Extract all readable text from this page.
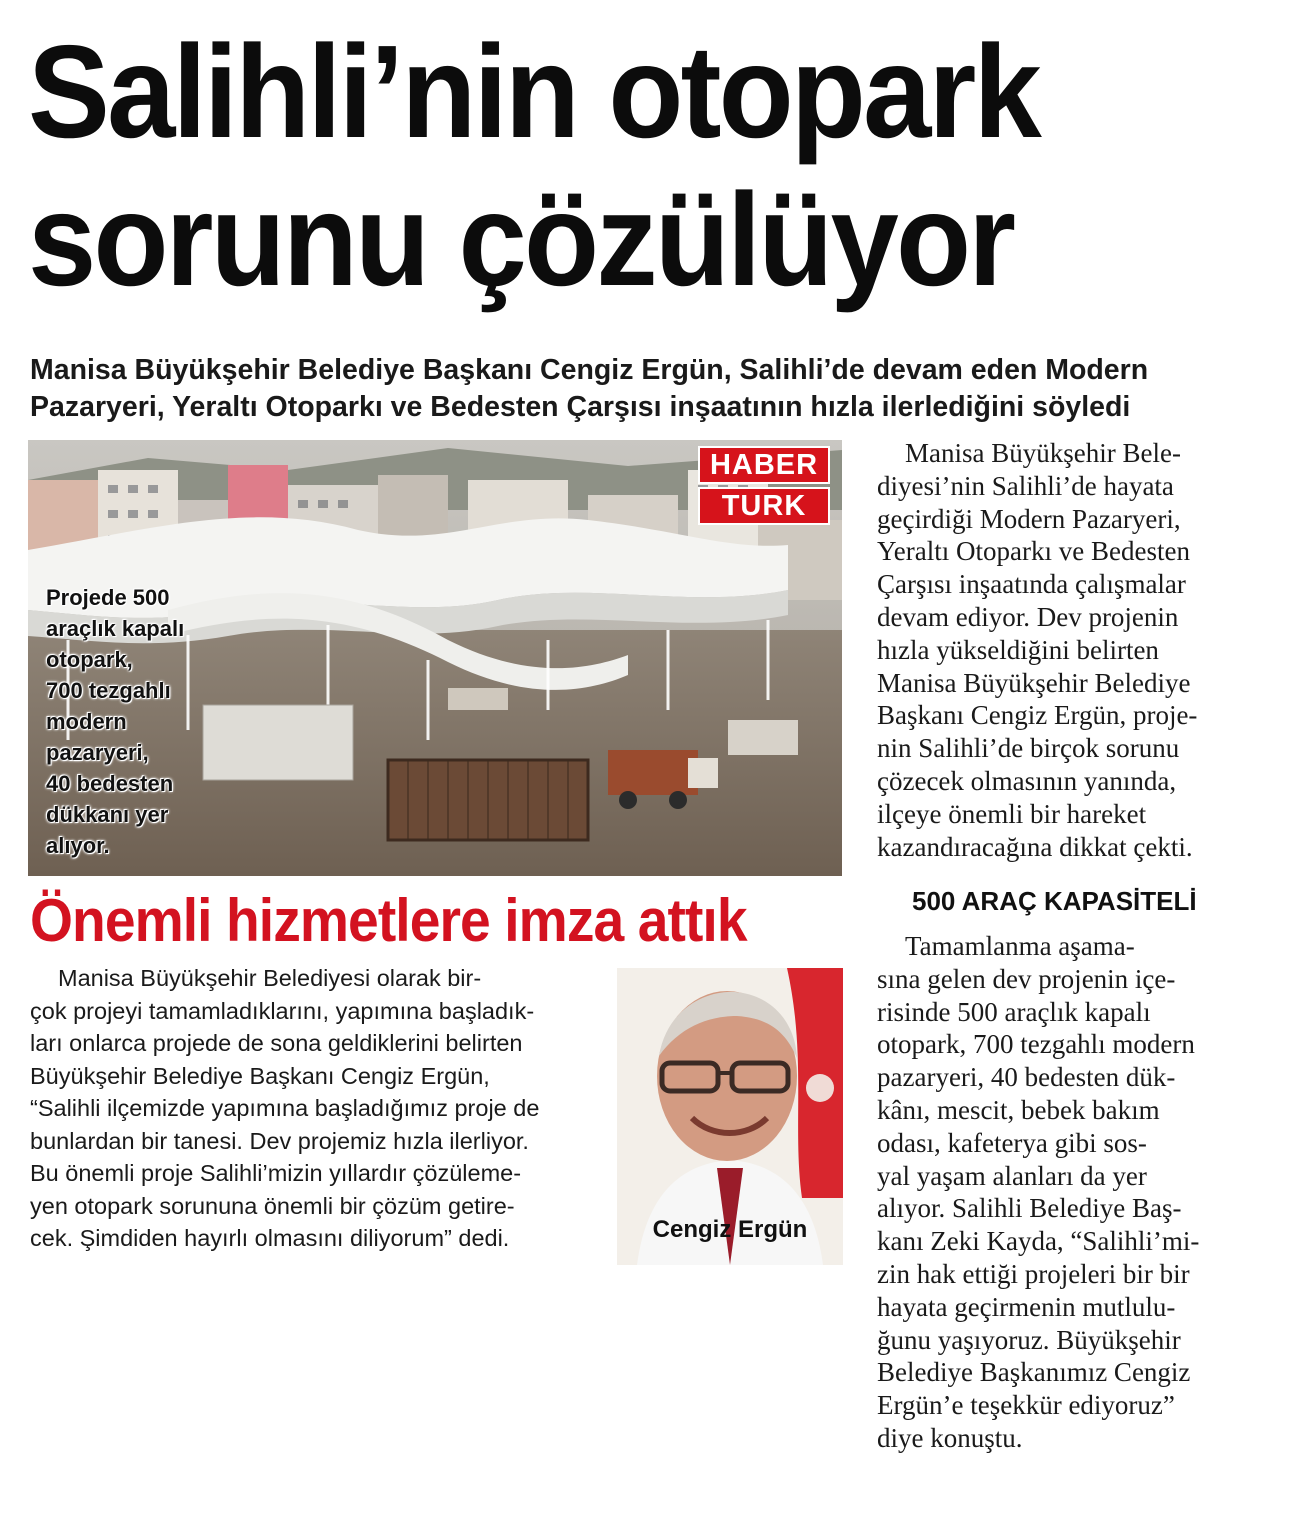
Salihli’nin otopark
sorunu çözülüyor

Manisa Büyükşehir Belediye Başkanı Cengiz Ergün, Salihli’de devam eden Modern
Pazaryeri, Yeraltı Otoparkı ve Bedesten Çarşısı inşaatının hızla ilerlediğini söyledi

HABER
TURK
Projede 500
araçlık kapalı
otopark,
700 tezgahlı
modern
pazaryeri,
40 bedesten
dükkanı yer
alıyor.
Manisa Büyükşehir Bele-
diyesi’nin Salihli’de hayata
geçirdiği Modern Pazaryeri,
Yeraltı Otoparkı ve Bedesten
Çarşısı inşaatında çalışmalar
devam ediyor. Dev projenin
hızla yükseldiğini belirten
Manisa Büyükşehir Belediye
Başkanı Cengiz Ergün, proje-
nin Salihli’de birçok sorunu
çözecek olmasının yanında,
ilçeye önemli bir hareket
kazandıracağına dikkat çekti.
500 ARAÇ KAPASİTELİ
Tamamlanma aşama-
sına gelen dev projenin içe-
risinde 500 araçlık kapalı
otopark, 700 tezgahlı modern
pazaryeri, 40 bedesten dük-
kânı, mescit, bebek bakım
odası, kafeterya gibi sos-
yal yaşam alanları da yer
alıyor. Salihli Belediye Baş-
kanı Zeki Kayda, “Salihli’mi-
zin hak ettiği projeleri bir bir
hayata geçirmenin mutlulu-
ğunu yaşıyoruz. Büyükşehir
Belediye Başkanımız Cengiz
Ergün’e teşekkür ediyoruz”
diye konuştu.
Önemli hizmetlere imza attık
Manisa Büyükşehir Belediyesi olarak bir-
çok projeyi tamamladıklarını, yapımına başladık-
ları onlarca projede de sona geldiklerini belirten
Büyükşehir Belediye Başkanı Cengiz Ergün,
“Salihli ilçemizde yapımına başladığımız proje de
bunlardan bir tanesi. Dev projemiz hızla ilerliyor.
Bu önemli proje Salihli’mizin yıllardır çözüleme-
yen otopark sorununa önemli bir çözüm getire-
cek. Şimdiden hayırlı olmasını diliyorum” dedi.	Cengiz Ergün
